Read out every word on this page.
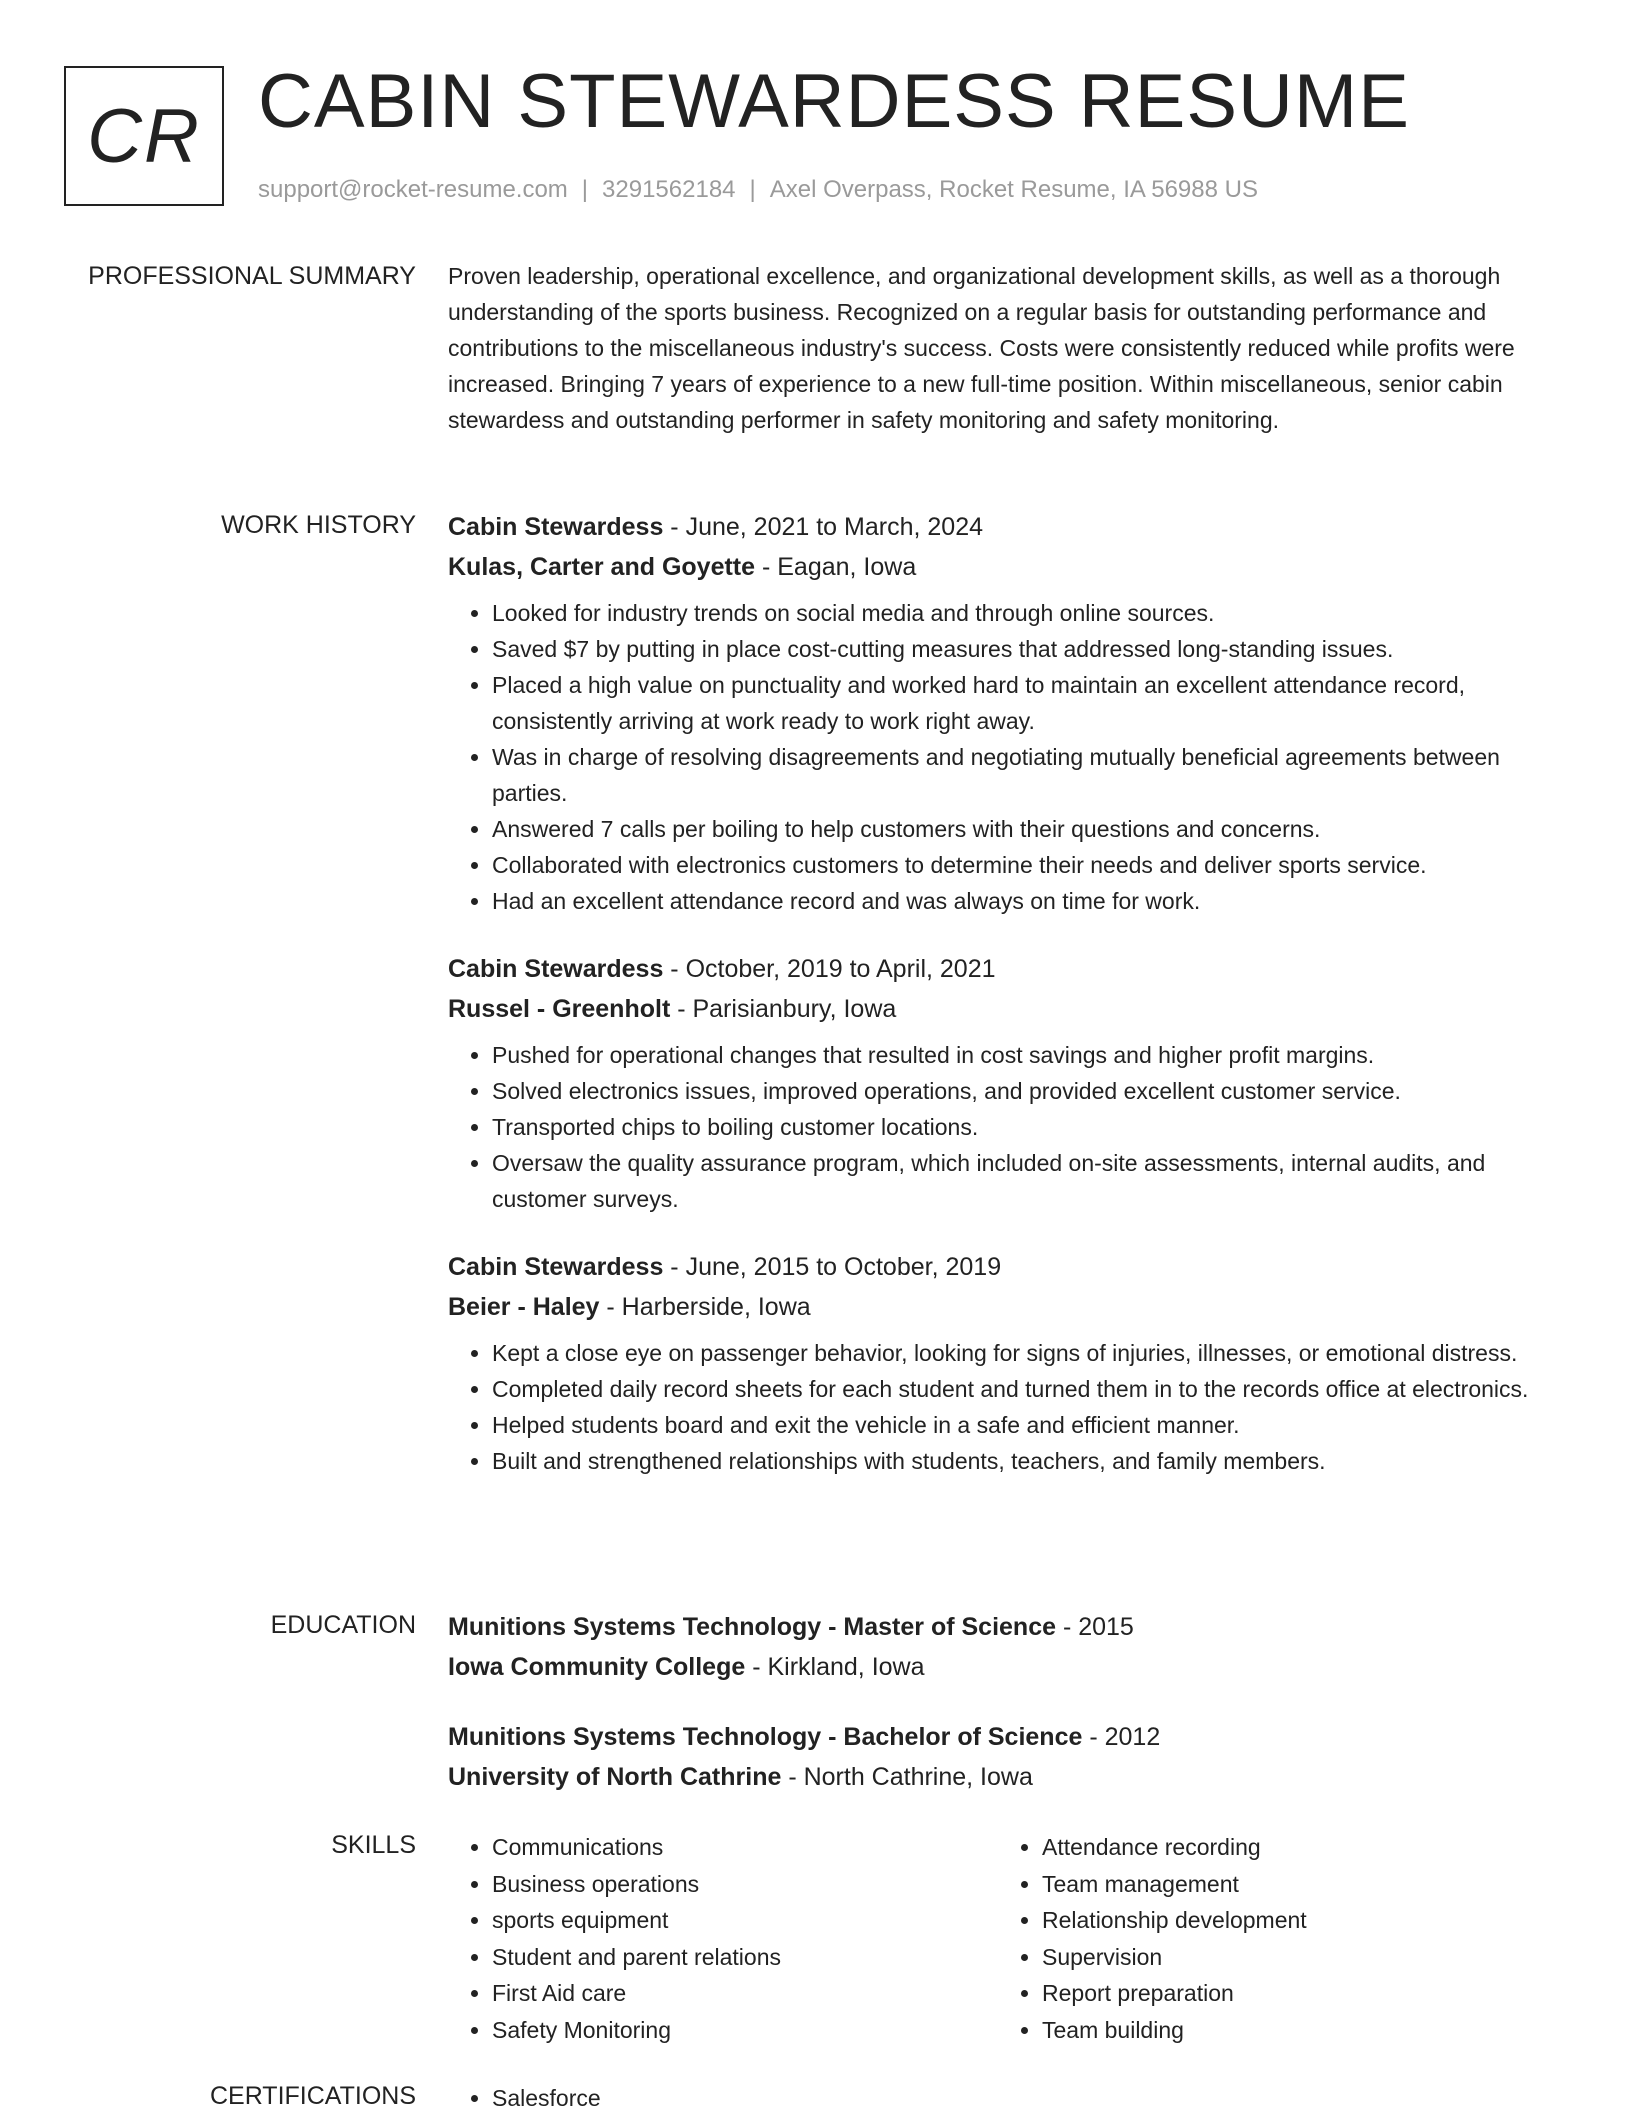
CR CABIN STEWARDESS RESUME
support@rocket-resume.com | 3291562184 | Axel Overpass, Rocket Resume, IA 56988 US
PROFESSIONAL SUMMARY Proven leadership, operational excellence, and organizational development skills, as well as a thorough understanding of the sports business. Recognized on a regular basis for outstanding performance and contributions to the miscellaneous industry's success. Costs were consistently reduced while profits were increased. Bringing 7 years of experience to a new full-time position. Within miscellaneous, senior cabin stewardess and outstanding performer in safety monitoring and safety monitoring.

WORK HISTORY Cabin Stewardess - June, 2021 to March, 2024

Kulas, Carter and Goyette - Eagan, Iowa

• Looked for industry trends on social media and through online sources.
• Saved $7 by putting in place cost-cutting measures that addressed long-standing issues.
• Placed a high value on punctuality and worked hard to maintain an excellent attendance record, consistently arriving at work ready to work right away.
• Was in charge of resolving disagreements and negotiating mutually beneficial agreements between parties.
• Answered 7 calls per boiling to help customers with their questions and concerns.
• Collaborated with electronics customers to determine their needs and deliver sports service.
• Had an excellent attendance record and was always on time for work.

Cabin Stewardess - October, 2019 to April, 2021

Russel - Greenholt - Parisianbury, Iowa

• Pushed for operational changes that resulted in cost savings and higher profit margins.
• Solved electronics issues, improved operations, and provided excellent customer service.
• Transported chips to boiling customer locations.
• Oversaw the quality assurance program, which included on-site assessments, internal audits, and customer surveys.

Cabin Stewardess - June, 2015 to October, 2019

Beier - Haley - Harberside, Iowa

• Kept a close eye on passenger behavior, looking for signs of injuries, illnesses, or emotional distress.
• Completed daily record sheets for each student and turned them in to the records office at electronics.
• Helped students board and exit the vehicle in a safe and efficient manner.
• Built and strengthened relationships with students, teachers, and family members.
EDUCATION Munitions Systems Technology - Master of Science - 2015

Iowa Community College - Kirkland, Iowa

Munitions Systems Technology - Bachelor of Science - 2012

University of North Cathrine - North Cathrine, Iowa

SKILLS	• Communications
• Business operations
• sports equipment
• Student and parent relations
• First Aid care
• Safety Monitoring
• Attendance recording
• Team management
• Relationship development
• Supervision
• Report preparation
• Team building
CERTIFICATIONS	• Salesforce
